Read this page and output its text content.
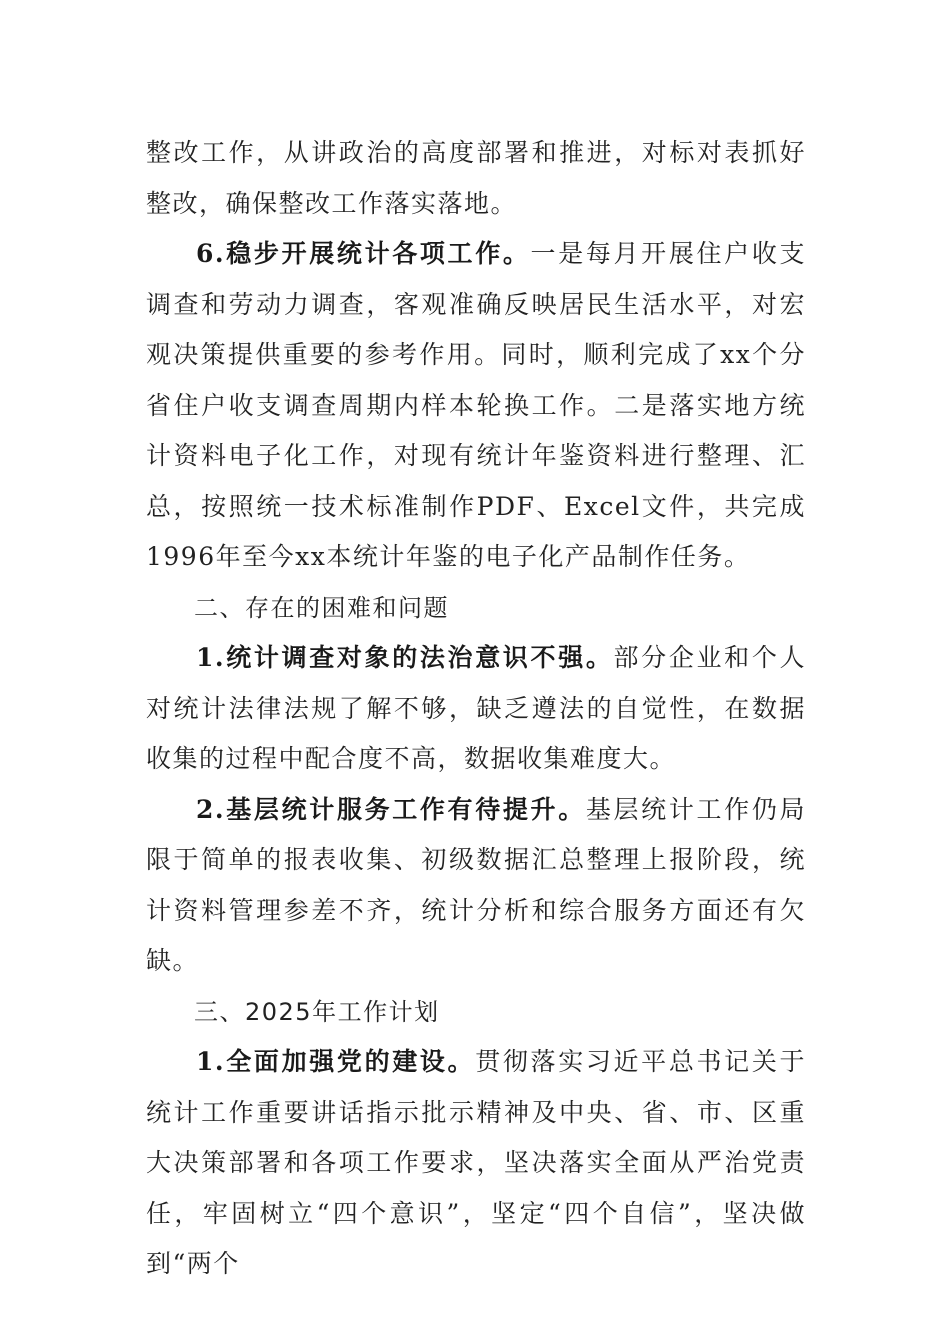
整改工作，从讲政治的高度部署和推进，对标对表抓好整改，确保整改工作落实落地。

6.稳步开展统计各项工作。一是每月开展住户收支调查和劳动力调查，客观准确反映居民生活水平，对宏观决策提供重要的参考作用。同时，顺利完成了xx个分省住户收支调查周期内样本轮换工作。二是落实地方统计资料电子化工作，对现有统计年鉴资料进行整理、汇总，按照统一技术标准制作PDF、Excel文件，共完成1996年至今xx本统计年鉴的电子化产品制作任务。

二、存在的困难和问题

1.统计调查对象的法治意识不强。部分企业和个人对统计法律法规了解不够，缺乏遵法的自觉性，在数据收集的过程中配合度不高，数据收集难度大。

2.基层统计服务工作有待提升。基层统计工作仍局限于简单的报表收集、初级数据汇总整理上报阶段，统计资料管理参差不齐，统计分析和综合服务方面还有欠缺。

三、2025年工作计划

1.全面加强党的建设。贯彻落实习近平总书记关于统计工作重要讲话指示批示精神及中央、省、市、区重大决策部署和各项工作要求，坚决落实全面从严治党责任，牢固树立“四个意识”，坚定“四个自信”，坚决做到“两个
